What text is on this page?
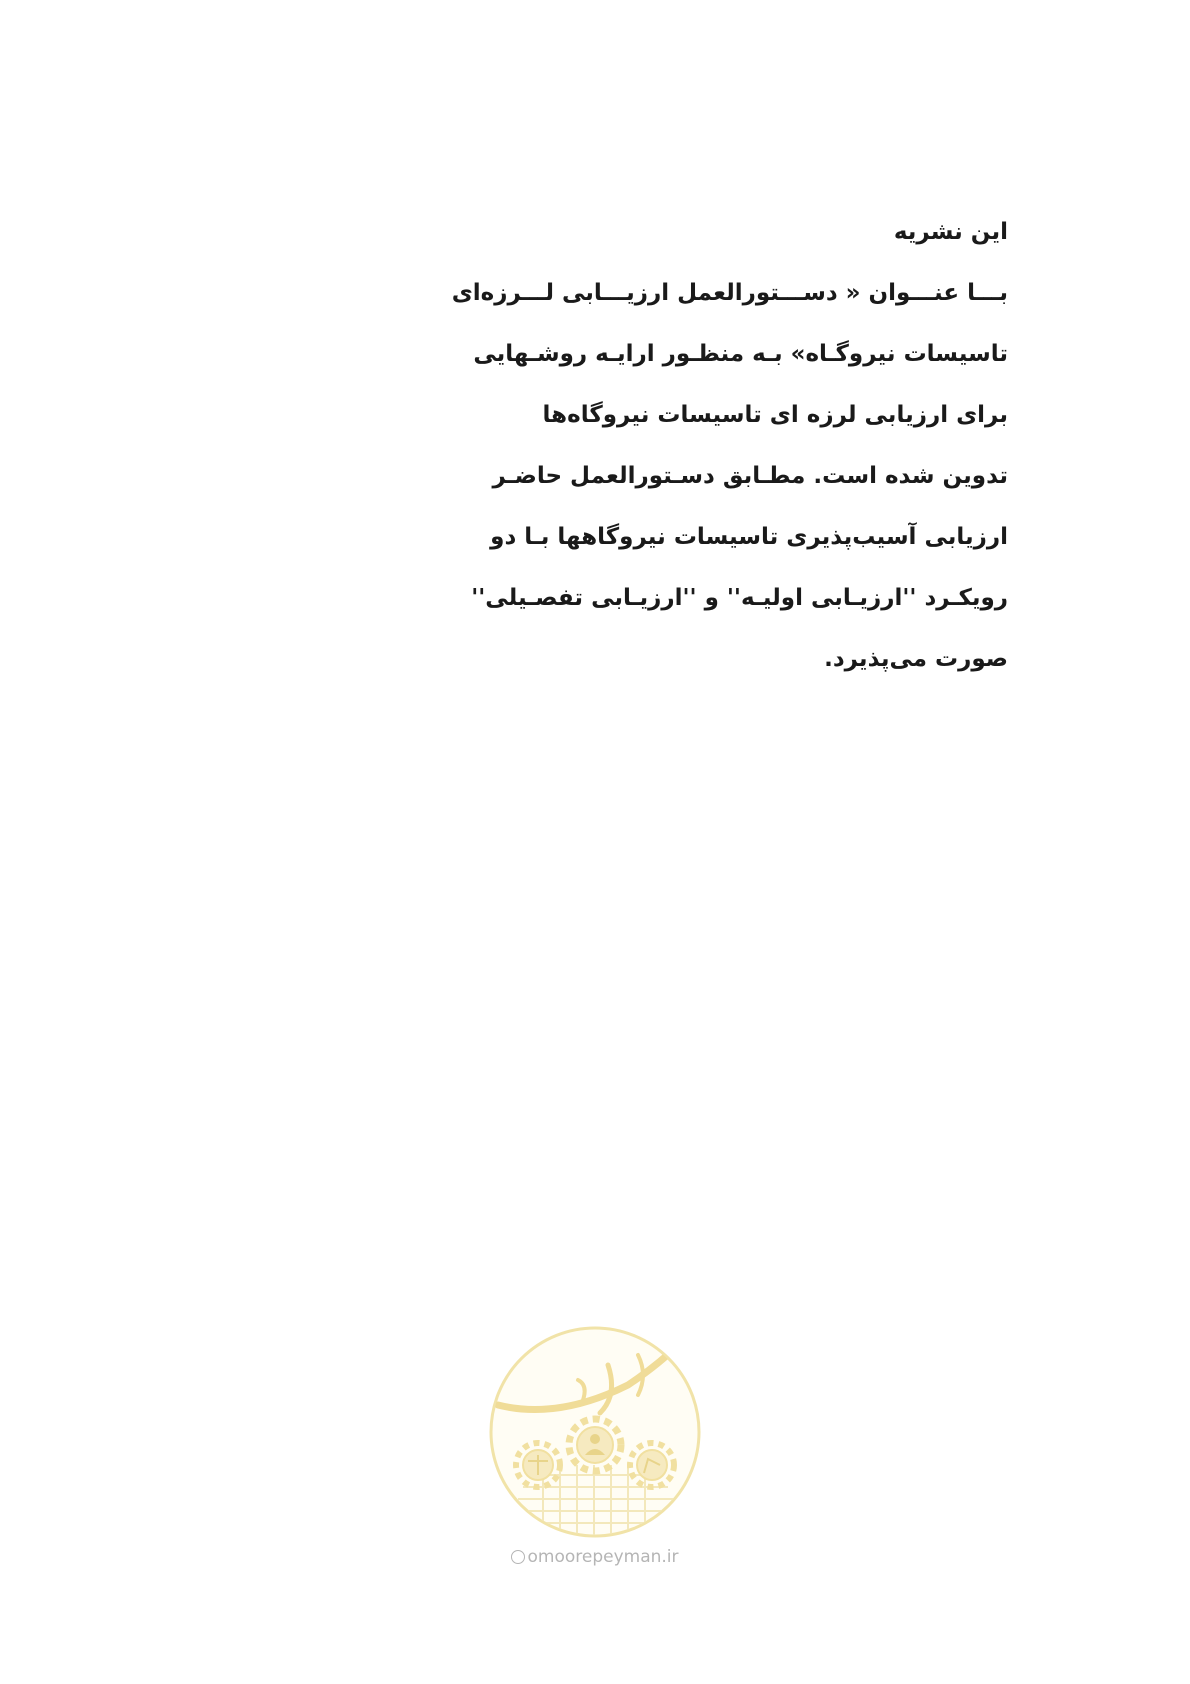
این نشریه
بـــا عنـــوان « دســـتورالعمل ارزیـــابی لـــرزه‌ای
تاسیسات نیروگـاه» بـه منظـور ارایـه روشـهایی
برای ارزیابی لرزه ای تاسیسات نیروگاه‌ها
تدوین شده است. مطـابق دسـتورالعمل حاضـر
ارزیابی آسیب‌پذیری تاسیسات نیروگاهها بـا دو
رویکـرد ''ارزیـابی اولیـه'' و ''ارزیـابی تفصـیلی''
صورت می‌پذیرد.
omoorepeyman.ir
